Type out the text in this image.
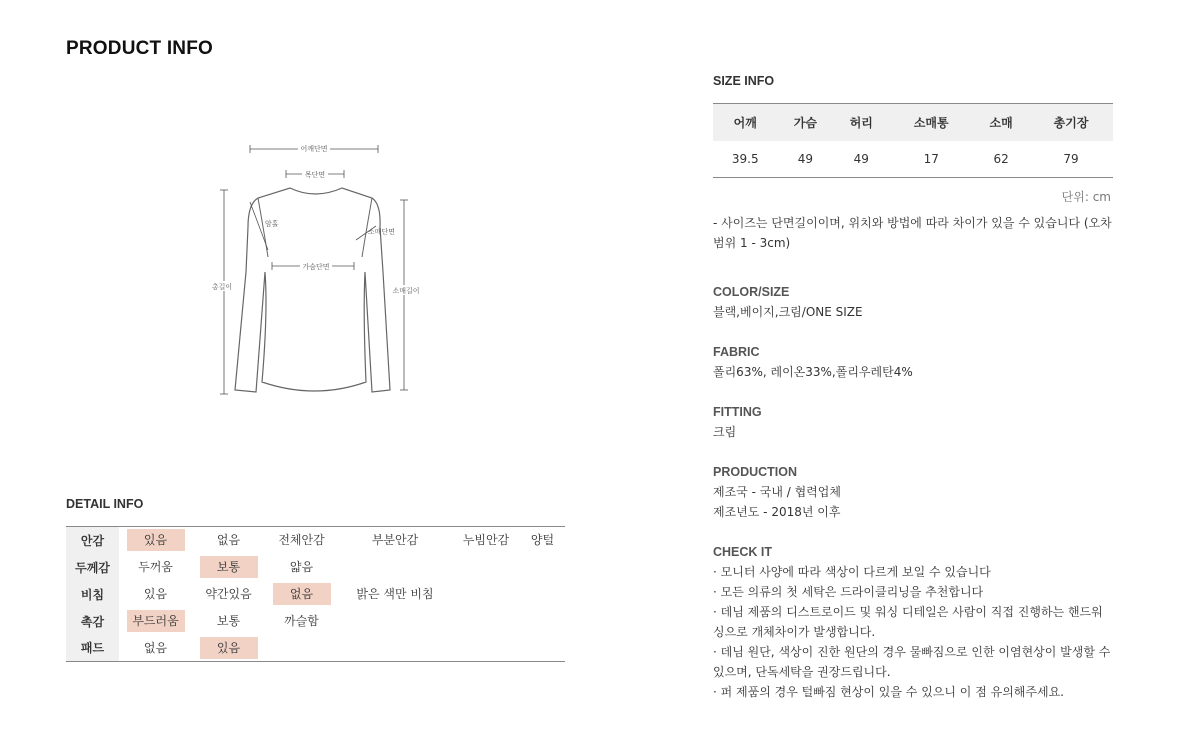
PRODUCT INFO
어깨단면
목단면
암홀
소매단면
가슴단면
총길이	소매길이
DETAIL INFO
안감	있음	없음	전체안감	부분안감	누빔안감	양털
두께감	두꺼움	보통	얇음			
비침	있음	약간있음	없음	밝은 색만 비침		
촉감	부드러움	보통	까슬함			
패드	없음	있음				
SIZE INFO
어깨	가슴	허리	소매통	소매	총기장
39.5	49	49	17	62	79
단위: cm
- 사이즈는 단면길이이며, 위치와 방법에 따라 차이가 있을 수 있습니다 (오차범위 1 - 3cm)
COLOR/SIZE
블랙,베이지,크림/ONE SIZE
FABRIC
폴리63%, 레이온33%,폴리우레탄4%
FITTING
크림
PRODUCTION
제조국 - 국내 / 협력업체
제조년도 - 2018년 이후
CHECK IT
· 모니터 사양에 따라 색상이 다르게 보일 수 있습니다
· 모든 의류의 첫 세탁은 드라이클리닝을 추천합니다
· 데님 제품의 디스트로이드 및 워싱 디테일은 사람이 직접 진행하는 핸드워싱으로 개체차이가 발생합니다.
· 데님 원단, 색상이 진한 원단의 경우 물빠짐으로 인한 이염현상이 발생할 수 있으며, 단독세탁을 권장드립니다.
· 퍼 제품의 경우 털빠짐 현상이 있을 수 있으니 이 점 유의해주세요.
